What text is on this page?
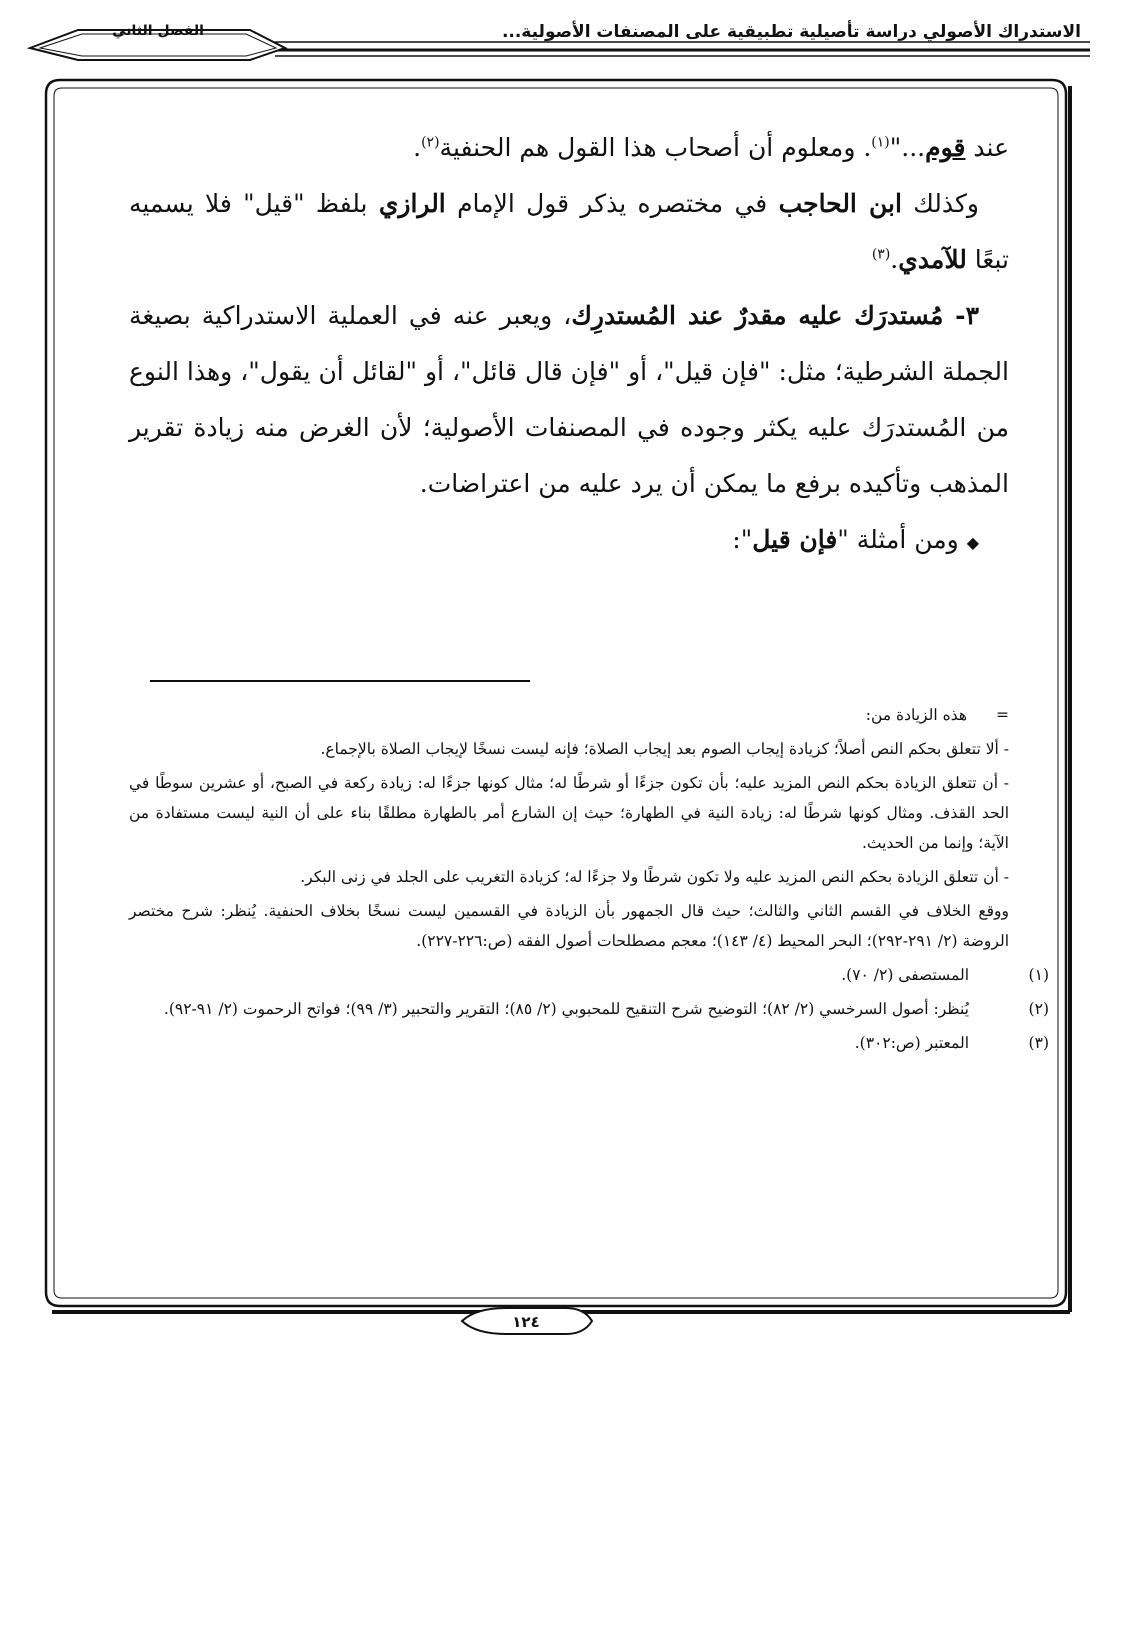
الاستدراك الأصولي دراسة تأصيلية تطبيقية على المصنفات الأصولية...
الفصل الثاني

عند قوم..."$^{(١)}$. ومعلوم أن أصحاب هذا القول هم الحنفية$^{(٢)}$.

وكذلك ابن الحاجب في مختصره يذكر قول الإمام الرازي بلفظ "قيل" فلا يسميه تبعًا للآمدي.$^{(٣)}$

٣- مُستدرَك عليه مقدرٌ عند المُستدرِك، ويعبر عنه في العملية الاستدراكية بصيغة الجملة الشرطية؛ مثل: "فإن قيل"، أو "فإن قال قائل"، أو "لقائل أن يقول"، وهذا النوع من المُستدرَك عليه يكثر وجوده في المصنفات الأصولية؛ لأن الغرض منه زيادة تقرير المذهب وتأكيده برفع ما يمكن أن يرد عليه من اعتراضات.

◆ ومن أمثلة "فإن قيل":

=هذه الزيادة من:

- ألا تتعلق بحكم النص أصلاً؛ كزيادة إيجاب الصوم بعد إيجاب الصلاة؛ فإنه ليست نسخًا لإيجاب الصلاة بالإجماع.

- أن تتعلق الزيادة بحكم النص المزيد عليه؛ بأن تكون جزءًا أو شرطًا له؛ مثال كونها جزءًا له: زيادة ركعة في الصبح، أو عشرين سوطًا في الحد القذف. ومثال كونها شرطًا له: زيادة النية في الطهارة؛ حيث إن الشارع أمر بالطهارة مطلقًا بناء على أن النية ليست مستفادة من الآية؛ وإنما من الحديث.

- أن تتعلق الزيادة بحكم النص المزيد عليه ولا تكون شرطًا ولا جزءًا له؛ كزيادة التغريب على الجلد في زنى البكر.

ووقع الخلاف في القسم الثاني والثالث؛ حيث قال الجمهور بأن الزيادة في القسمين ليست نسخًا بخلاف الحنفية. يُنظر: شرح مختصر الروضة (٢/ ٢٩١-٢٩٢)؛ البحر المحيط (٤/ ١٤٣)؛ معجم مصطلحات أصول الفقه (ص:٢٢٦-٢٢٧).

(١)المستصفى (٢/ ٧٠).

(٢)يُنظر: أصول السرخسي (٢/ ٨٢)؛ التوضيح شرح التنقيح للمحبوبي (٢/ ٨٥)؛ التقرير والتحبير (٣/ ٩٩)؛ فواتح الرحموت (٢/ ٩١-٩٢).

(٣)المعتبر (ص:٣٠٢).

١٢٤
